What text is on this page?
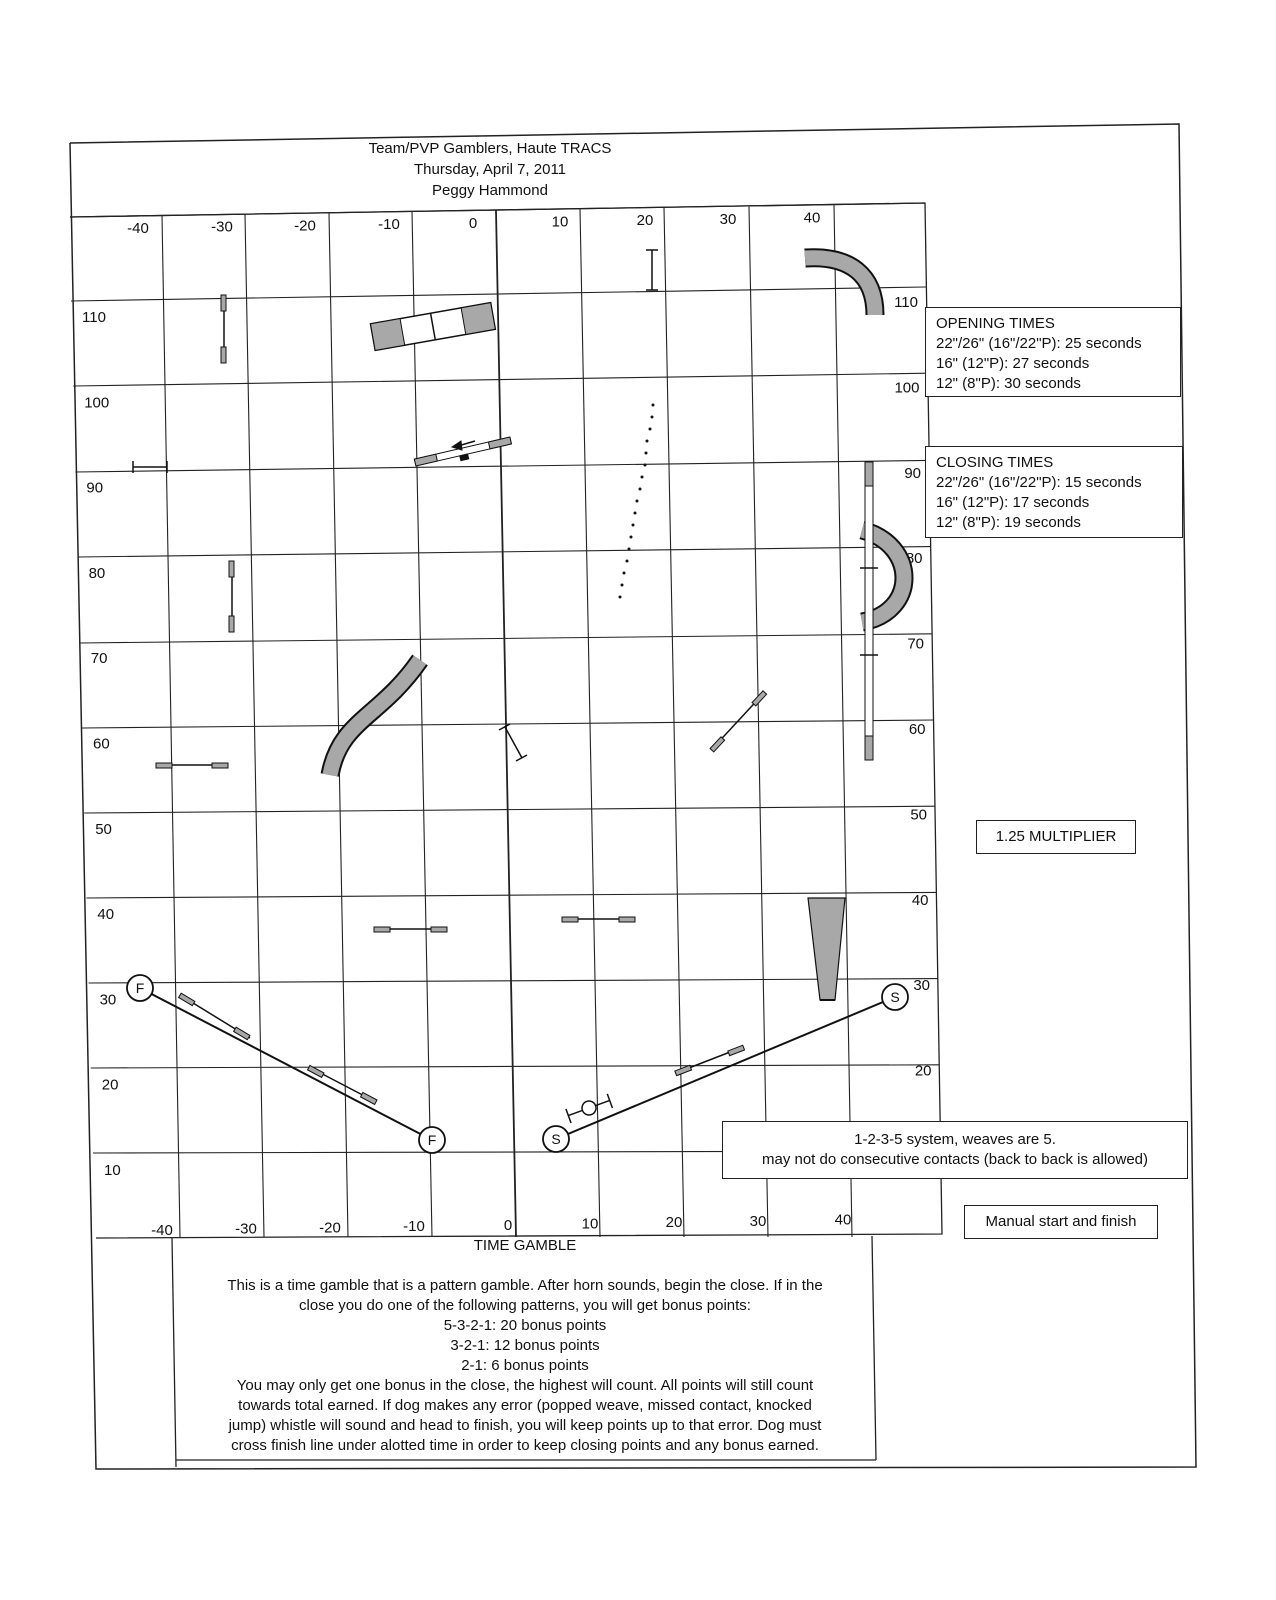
-40	-30	-20	-10	0	10	20	30	40
-40	-30	-20	-10	0	10	20	30	40
110
100
90
80
70
60
50
40
30
20
10
110
100
90
80
70
60
50
40
30
20
F
F	S
S
Team/PVP Gamblers, Haute TRACS
Thursday, April 7, 2011
Peggy Hammond
OPENING TIMES
22"/26" (16"/22"P): 25 seconds
16" (12"P): 27 seconds
12" (8"P): 30 seconds
CLOSING TIMES
22"/26" (16"/22"P): 15 seconds
16" (12"P): 17 seconds
12" (8"P): 19 seconds
1.25 MULTIPLIER
1-2-3-5 system, weaves are 5.
may not do consecutive contacts (back to back is allowed)
Manual start and finish
TIME GAMBLE
This is a time gamble that is a pattern gamble. After horn sounds, begin the close. If in the
close you do one of the following patterns, you will get bonus points:
5-3-2-1: 20 bonus points
3-2-1: 12 bonus points
2-1: 6 bonus points
You may only get one bonus in the close, the highest will count. All points will still count
towards total earned. If dog makes any error (popped weave, missed contact, knocked
jump) whistle will sound and head to finish, you will keep points up to that error. Dog must
cross finish line under alotted time in order to keep closing points and any bonus earned.
